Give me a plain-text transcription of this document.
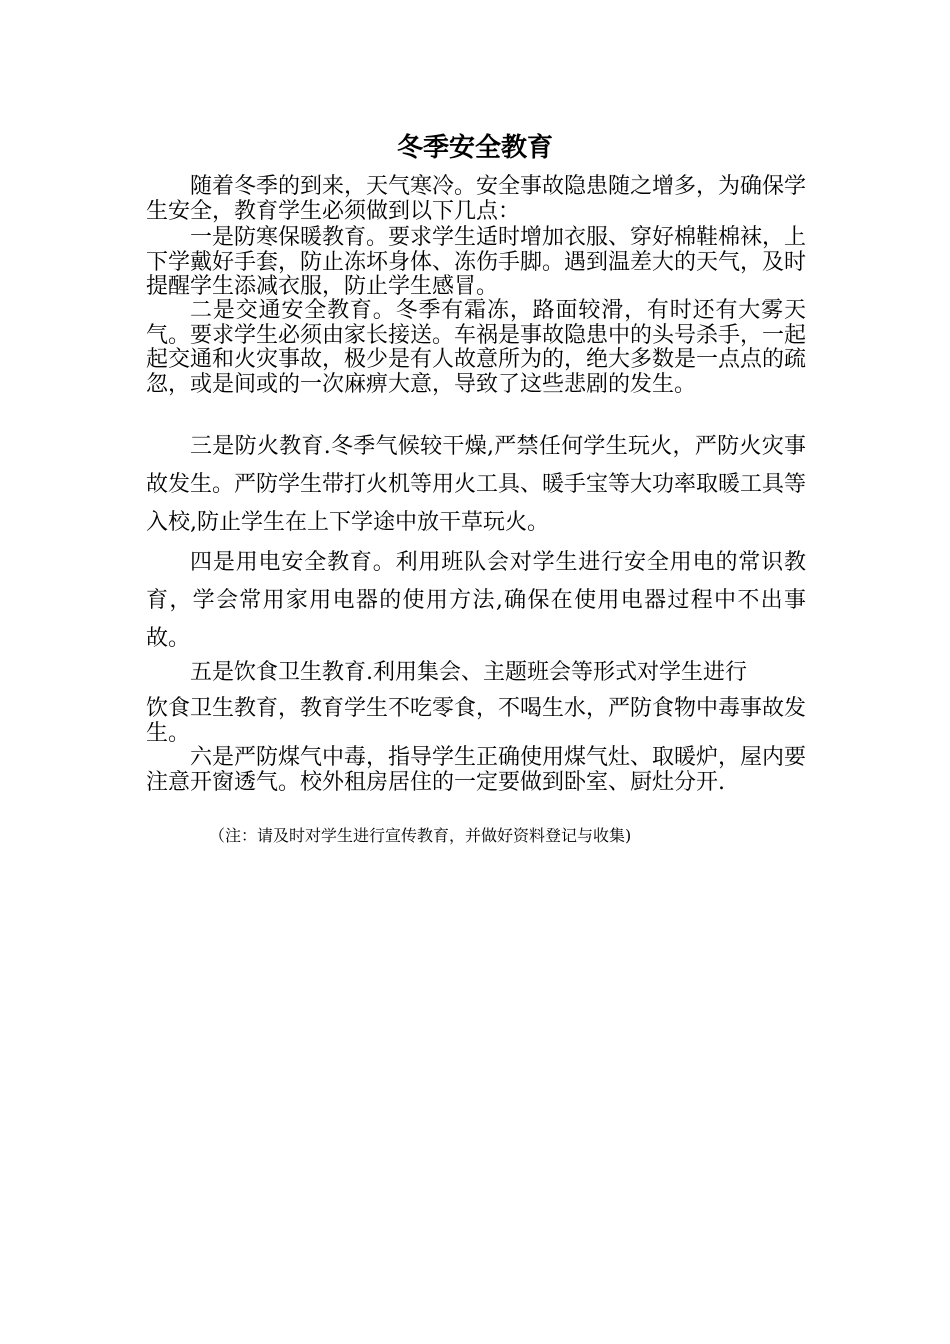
冬季安全教育

随着冬季的到来，天气寒冷。安全事故隐患随之增多，为确保学生安全，教育学生必须做到以下几点：

一是防寒保暖教育。要求学生适时增加衣服、穿好棉鞋棉袜，上下学戴好手套，防止冻坏身体、冻伤手脚。遇到温差大的天气，及时提醒学生添减衣服，防止学生感冒。

二是交通安全教育。冬季有霜冻，路面较滑，有时还有大雾天气。要求学生必须由家长接送。车祸是事故隐患中的头号杀手，一起起交通和火灾事故，极少是有人故意所为的，绝大多数是一点点的疏忽，或是间或的一次麻痹大意，导致了这些悲剧的发生。

三是防火教育.冬季气候较干燥,严禁任何学生玩火，严防火灾事故发生。严防学生带打火机等用火工具、暖手宝等大功率取暖工具等入校,防止学生在上下学途中放干草玩火。

四是用电安全教育。利用班队会对学生进行安全用电的常识教育，学会常用家用电器的使用方法,确保在使用电器过程中不出事故。

五是饮食卫生教育.利用集会、主题班会等形式对学生进行

饮食卫生教育，教育学生不吃零食，不喝生水，严防食物中毒事故发生。

六是严防煤气中毒，指导学生正确使用煤气灶、取暖炉，屋内要注意开窗透气。校外租房居住的一定要做到卧室、厨灶分开.

（注：请及时对学生进行宣传教育，并做好资料登记与收集)
